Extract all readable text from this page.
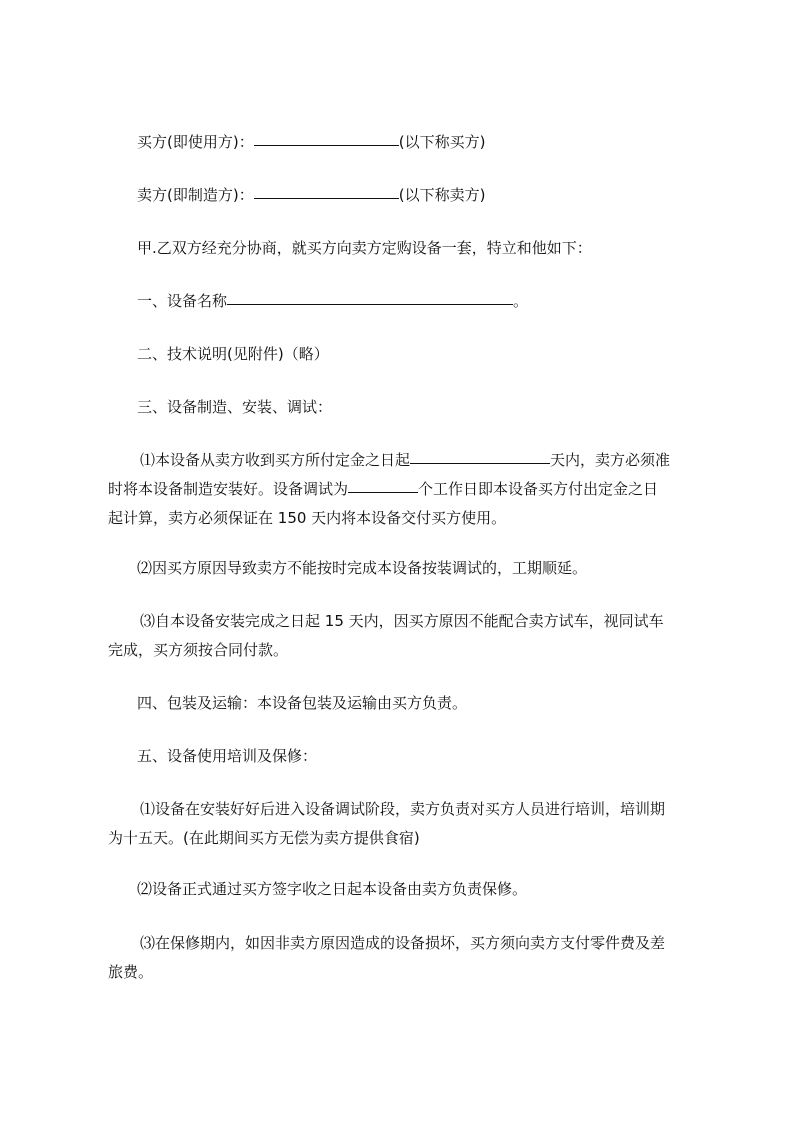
买方(即使用方)：	(以下称买方)

卖方(即制造方)：	(以下称卖方)

甲.乙双方经充分协商，就买方向卖方定购设备一套，特立和他如下：

一、设备名称	。

二、技术说明(见附件)（略）

三、设备制造、安装、调试：

⑴本设备从卖方收到买方所付定金之日起	天内，卖方必须准

时将本设备制造安装好。设备调试为	个工作日即本设备买方付出定金之日

起计算，卖方必须保证在 150 天内将本设备交付买方使用。

⑵因买方原因导致卖方不能按时完成本设备按装调试的，工期顺延。

⑶自本设备安装完成之日起 15 天内，因买方原因不能配合卖方试车，视同试车

完成，买方须按合同付款。

四、包装及运输：本设备包装及运输由买方负责。

五、设备使用培训及保修：

⑴设备在安装好好后进入设备调试阶段，卖方负责对买方人员进行培训，培训期

为十五天。(在此期间买方无偿为卖方提供食宿)

⑵设备正式通过买方签字收之日起本设备由卖方负责保修。

⑶在保修期内，如因非卖方原因造成的设备损坏，买方须向卖方支付零件费及差

旅费。
